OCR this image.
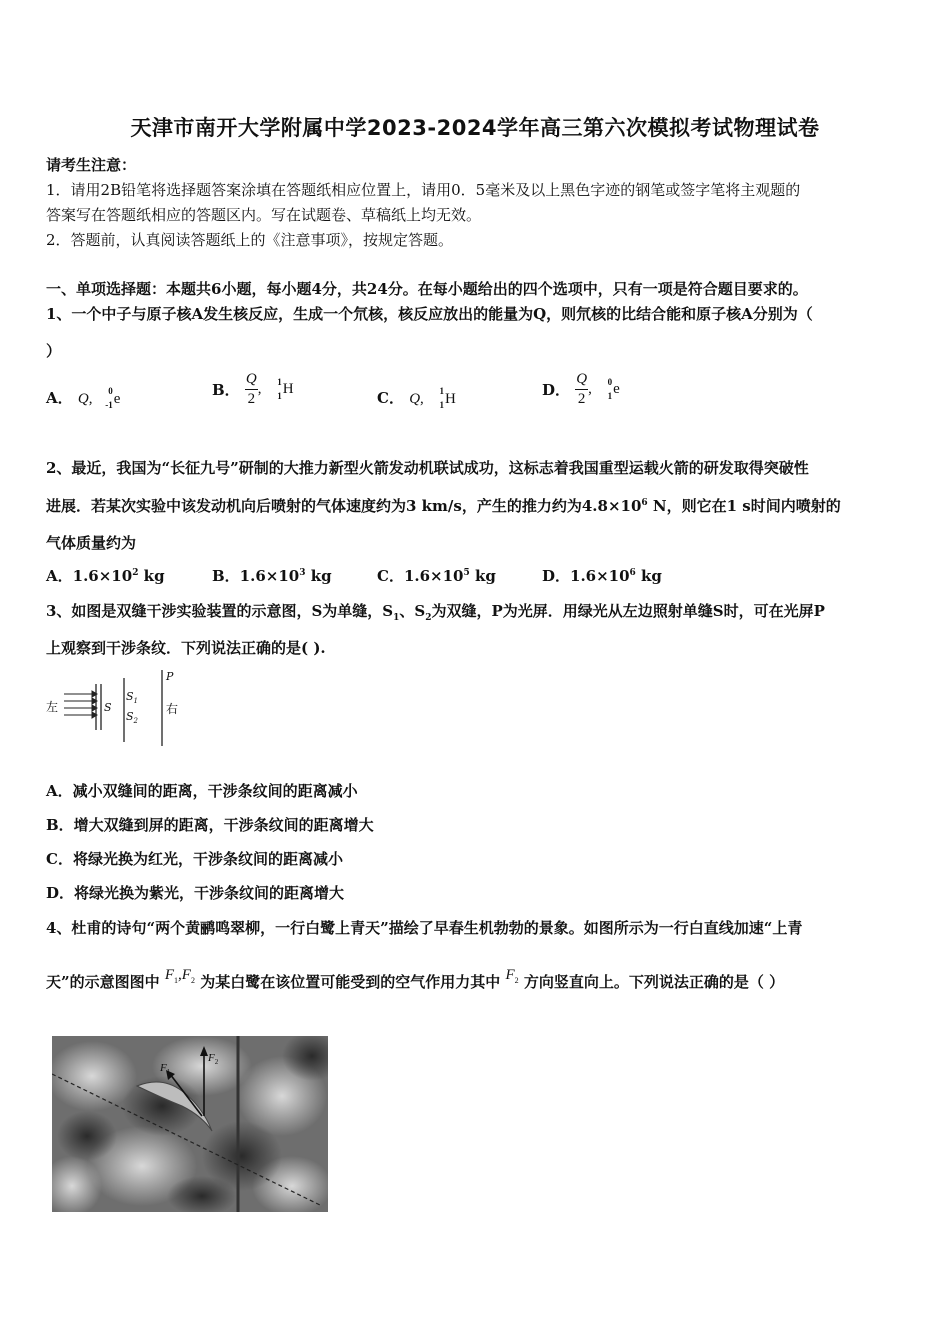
天津市南开大学附属中学2023-2024学年高三第六次模拟考试物理试卷
请考生注意：
1．请用2B铅笔将选择题答案涂填在答题纸相应位置上，请用0．5毫米及以上黑色字迹的钢笔或签字笔将主观题的
答案写在答题纸相应的答题区内。写在试题卷、草稿纸上均无效。
2．答题前，认真阅读答题纸上的《注意事项》，按规定答题。
一、单项选择题：本题共6小题，每小题4分，共24分。在每小题给出的四个选项中，只有一项是符合题目要求的。
1、一个中子与原子核A发生核反应，生成一个氘核，核反应放出的能量为Q，则氘核的比结合能和原子核A分别为（
）
A． Q, 0
-1 e	B． $\frac{Q}{2}$ , 1
1 H	C． Q, 1
1 H	D． $\frac{Q}{2}$ , 0
1 e
2、最近，我国为“长征九号”研制的大推力新型火箭发动机联试成功，这标志着我国重型运载火箭的研发取得突破性
进展．若某次实验中该发动机向后喷射的气体速度约为3 km/s，产生的推力约为$4.8\times 10^6$ N，则它在1 s时间内喷射的
气体质量约为
A．$1.6\times 10^2$ kg	B．$1.6\times 10^3$ kg	C．$1.6\times 10^5$ kg	D．$1.6\times 10^6$ kg
3、如图是双缝干涉实验装置的示意图，S为单缝，$S_1$、$S_2$为双缝，P为光屏．用绿光从左边照射单缝S时，可在光屏P
上观察到干涉条纹．下列说法正确的是( ).
左	S
$S_1$
$S_2$
P
右
A．减小双缝间的距离，干涉条纹间的距离减小
B．增大双缝到屏的距离，干涉条纹间的距离增大
C．将绿光换为红光，干涉条纹间的距离减小
D．将绿光换为紫光，干涉条纹间的距离增大
4、杜甫的诗句“两个黄鹂鸣翠柳，一行白鹭上青天”描绘了早春生机勃勃的景象。如图所示为一行白直线加速“上青
天”的示意图图中 $F_1,F_2$ 为某白鹭在该位置可能受到的空气作用力其中 $F_2$ 方向竖直向上。下列说法正确的是（ ）
$F_1$
$F_2$
